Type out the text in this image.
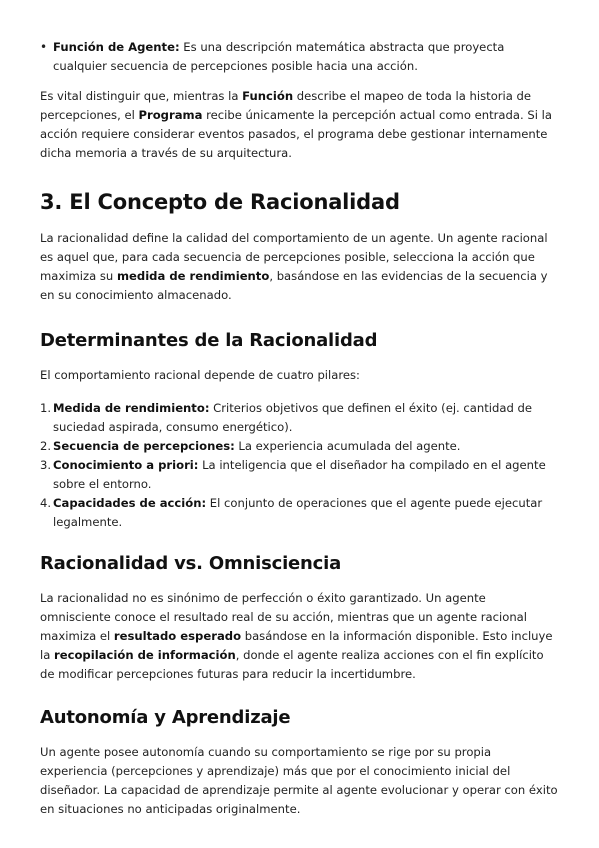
• Función de Agente: Es una descripción matemática abstracta que proyecta cualquier secuencia de percepciones posible hacia una acción.

Es vital distinguir que, mientras la Función describe el mapeo de toda la historia de percepciones, el Programa recibe únicamente la percepción actual como entrada. Si la acción requiere considerar eventos pasados, el programa debe gestionar internamente dicha memoria a través de su arquitectura.

3. El Concepto de Racionalidad

La racionalidad define la calidad del comportamiento de un agente. Un agente racional es aquel que, para cada secuencia de percepciones posible, selecciona la acción que maximiza su medida de rendimiento, basándose en las evidencias de la secuencia y en su conocimiento almacenado.

Determinantes de la Racionalidad

El comportamiento racional depende de cuatro pilares:

1. Medida de rendimiento: Criterios objetivos que definen el éxito (ej. cantidad de suciedad aspirada, consumo energético).
2. Secuencia de percepciones: La experiencia acumulada del agente.
3. Conocimiento a priori: La inteligencia que el diseñador ha compilado en el agente sobre el entorno.
4. Capacidades de acción: El conjunto de operaciones que el agente puede ejecutar legalmente.
Racionalidad vs. Omnisciencia

La racionalidad no es sinónimo de perfección o éxito garantizado. Un agente omnisciente conoce el resultado real de su acción, mientras que un agente racional maximiza el resultado esperado basándose en la información disponible. Esto incluye la recopilación de información, donde el agente realiza acciones con el fin explícito de modificar percepciones futuras para reducir la incertidumbre.

Autonomía y Aprendizaje

Un agente posee autonomía cuando su comportamiento se rige por su propia experiencia (percepciones y aprendizaje) más que por el conocimiento inicial del diseñador. La capacidad de aprendizaje permite al agente evolucionar y operar con éxito en situaciones no anticipadas originalmente.
